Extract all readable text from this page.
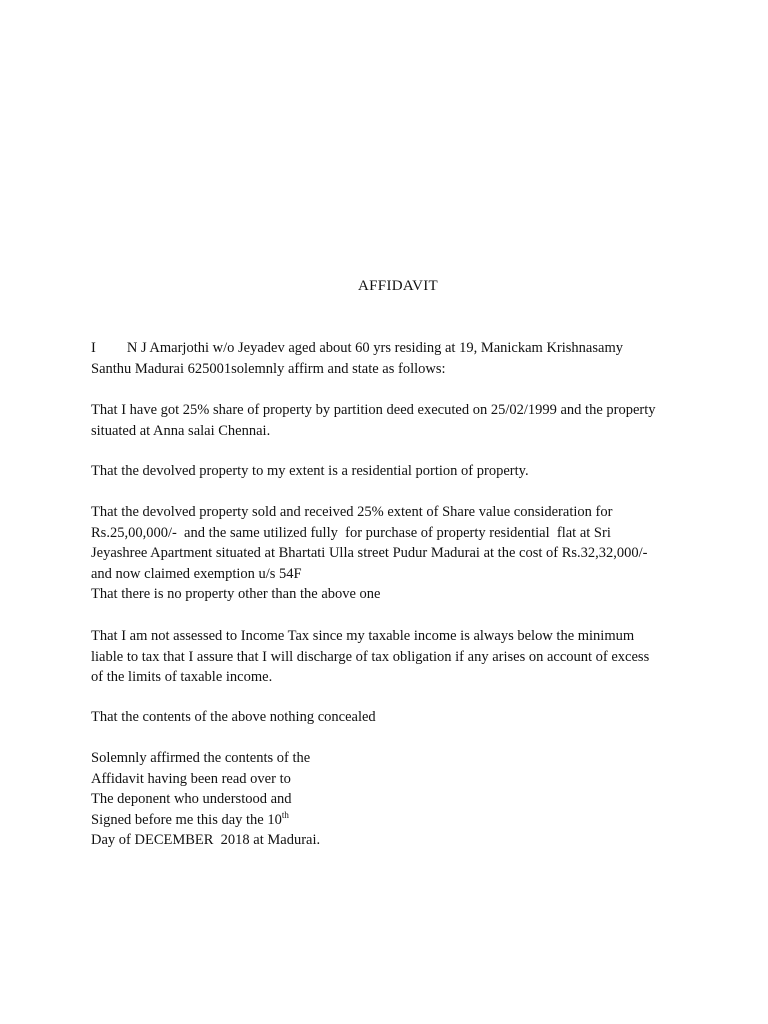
AFFIDAVIT
I N J Amarjothi w/o Jeyadev aged about 60 yrs residing at 19, Manickam Krishnasamy
Santhu Madurai 625001solemnly affirm and state as follows:
That I have got 25% share of property by partition deed executed on 25/02/1999 and the property
situated at Anna salai Chennai.
That the devolved property to my extent is a residential portion of property.
That the devolved property sold and received 25% extent of Share value consideration for
Rs.25,00,000/-  and the same utilized fully  for purchase of property residential  flat at Sri
Jeyashree Apartment situated at Bhartati Ulla street Pudur Madurai at the cost of Rs.32,32,000/-
and now claimed exemption u/s 54F
That there is no property other than the above one
That I am not assessed to Income Tax since my taxable income is always below the minimum
liable to tax that I assure that I will discharge of tax obligation if any arises on account of excess
of the limits of taxable income.
That the contents of the above nothing concealed
Solemnly affirmed the contents of the
Affidavit having been read over to
The deponent who understood and
Signed before me this day the 10th
Day of DECEMBER  2018 at Madurai.
